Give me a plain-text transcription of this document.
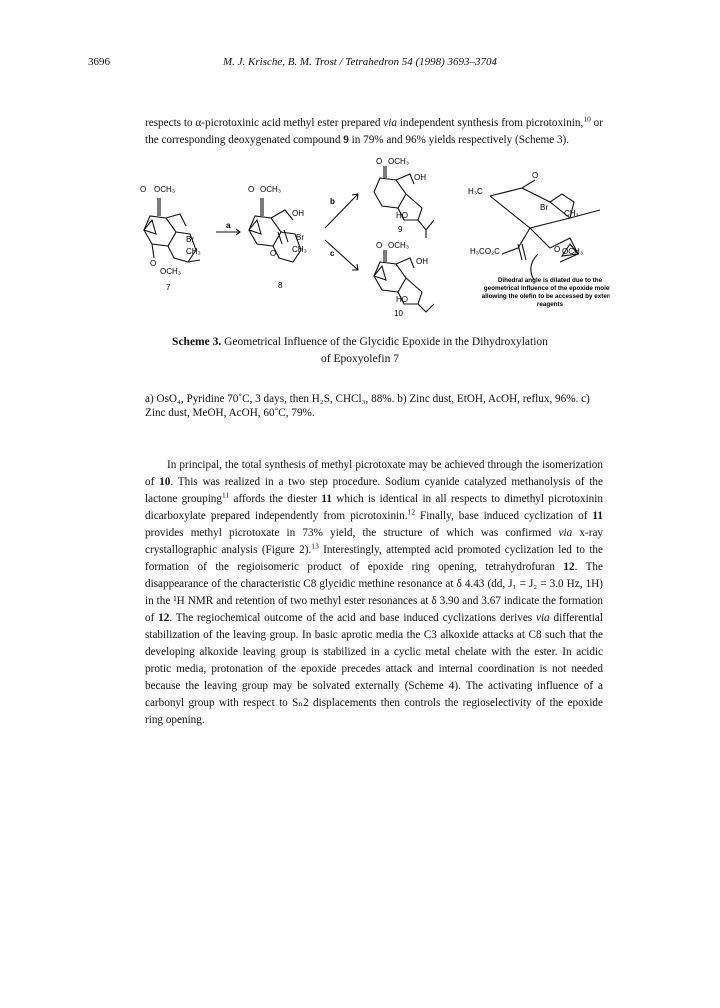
3696	M. J. Krische, B. M. Trost / Tetrahedron 54 (1998) 3693–3704
respects to α-picrotoxinic acid methyl ester prepared via independent synthesis from picrotoxinin,$^{10}$ or the corresponding deoxygenated compound 9 in 79% and 96% yields respectively (Scheme 3).
O OCH₃
Br
CH₃
O
OCH₃
7
a
O OCH₃
OH
Br
CH₃
O
8
b
c
O OCH₃
OH
HO
9
O OCH₃
OH
HO
10
H₃C
O
Br
CH₃
H₃CO₂C	O OCH₃
Dihedral angle is dilated due to the
geometrical influence of the epoxide moiety,
allowing the olefin to be accessed by external
reagents
Scheme 3. Geometrical Influence of the Glycidic Epoxide in the Dihydroxylation
of Epoxyolefin 7
a) OsO₄, Pyridine 70˚C, 3 days, then H₂S, CHCl₃, 88%. b) Zinc dust, EtOH, AcOH, reflux, 96%. c) Zinc dust, MeOH, AcOH, 60˚C, 79%.
In principal, the total synthesis of methyl picrotoxate may be achieved through the isomerization of 10. This was realized in a two step procedure. Sodium cyanide catalyzed methanolysis of the lactone grouping$^{11}$ affords the diester 11 which is identical in all respects to dimethyl picrotoxinin dicarboxylate prepared independently from picrotoxinin.$^{12}$ Finally, base induced cyclization of 11 provides methyl picrotoxate in 73% yield, the structure of which was confirmed via x-ray crystallographic analysis (Figure 2).$^{13}$ Interestingly, attempted acid promoted cyclization led to the formation of the regioisomeric product of epoxide ring opening, tetrahydrofuran 12. The disappearance of the characteristic C8 glycidic methine resonance at δ 4.43 (dd, J₁ = J₂ = 3.0 Hz, 1H) in the ¹H NMR and retention of two methyl ester resonances at δ 3.90 and 3.67 indicate the formation of 12. The regiochemical outcome of the acid and base induced cyclizations derives via differential stabilization of the leaving group. In basic aprotic media the C3 alkoxide attacks at C8 such that the developing alkoxide leaving group is stabilized in a cyclic metal chelate with the ester. In acidic protic media, protonation of the epoxide precedes attack and internal coordination is not needed because the leaving group may be solvated externally (Scheme 4). The activating influence of a carbonyl group with respect to Sₙ2 displacements then controls the regioselectivity of the epoxide ring opening.
